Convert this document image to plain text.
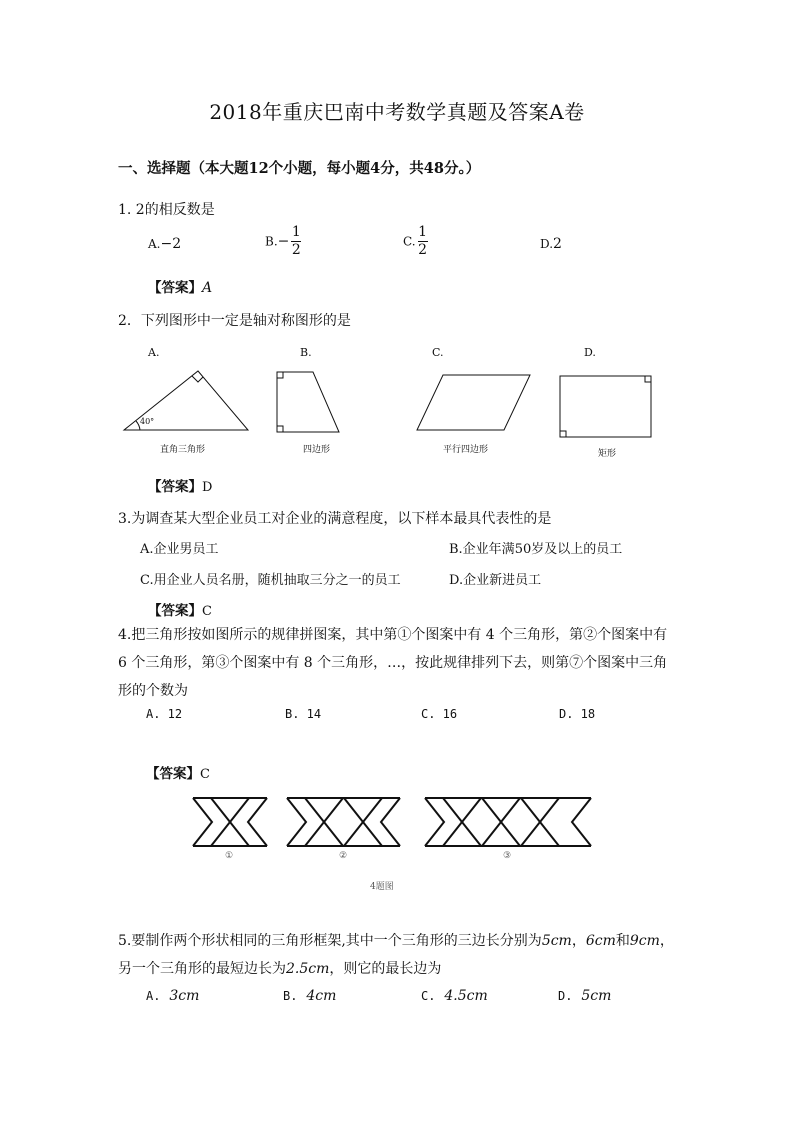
2018年重庆巴南中考数学真题及答案A卷
一、选择题（本大题12个小题，每小题4分，共48分。）
1. 2的相反数是
A.−2	$B.- \frac{1}{2}$	C. $\frac{1}{2}$	D.2
【答案】A
2．下列图形中一定是轴对称图形的是
A.	B.	C.	D.
40°
直角三角形	四边形	平行四边形	矩形
【答案】D
3.为调查某大型企业员工对企业的满意程度，以下样本最具代表性的是
A.企业男员工	B.企业年满50岁及以上的员工
C.用企业人员名册，随机抽取三分之一的员工	D.企业新进员工
【答案】C
4.把三角形按如图所示的规律拼图案，其中第①个图案中有 4 个三角形，第②个图案中有
6 个三角形，第③个图案中有 8 个三角形，…，按此规律排列下去，则第⑦个图案中三角
形的个数为
A. 12	B. 14	C. 16	D. 18
【答案】C
①	②	③
4题图
5.要制作两个形状相同的三角形框架,其中一个三角形的三边长分别为5cm，6cm和9cm，
另一个三角形的最短边长为2.5cm，则它的最长边为
A. 3cm	B. 4cm	C. 4.5cm	D. 5cm
